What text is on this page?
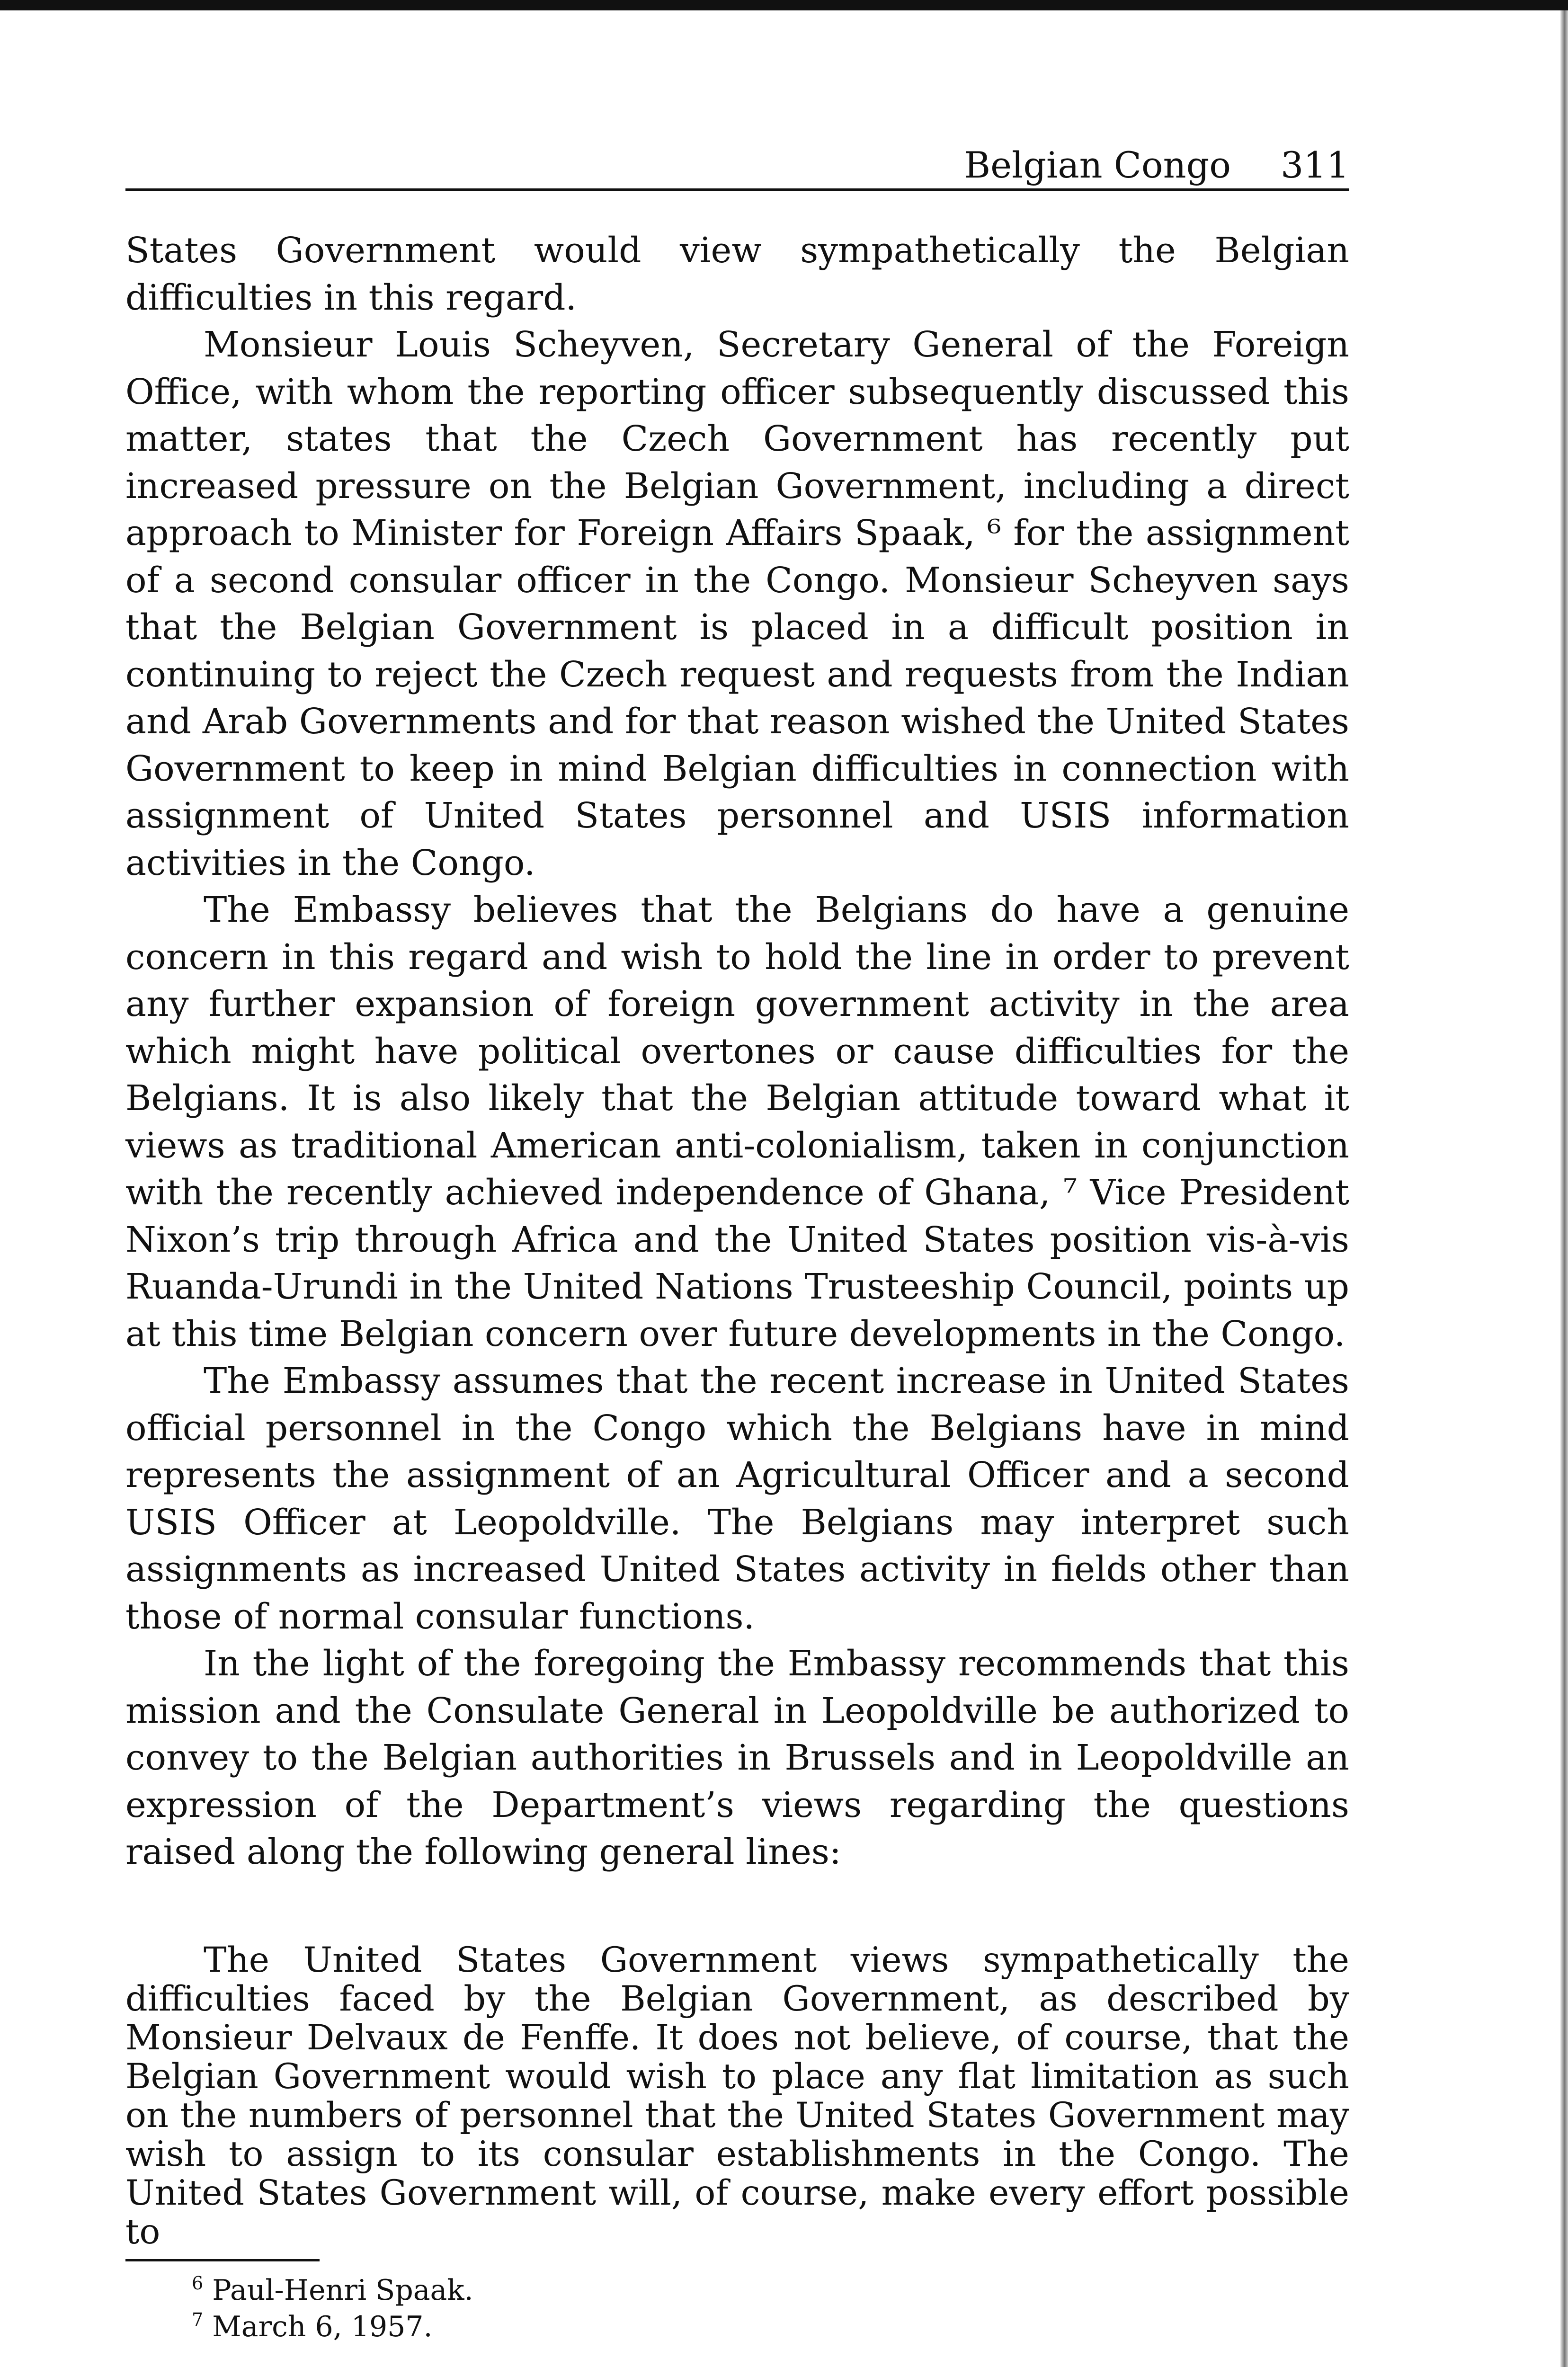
Belgian Congo 311

States Government would view sympathetically the Belgian difficulties in this regard.

Monsieur Louis Scheyven, Secretary General of the Foreign Office, with whom the reporting officer subsequently discussed this matter, states that the Czech Government has recently put increased pressure on the Belgian Government, including a direct approach to Minister for Foreign Affairs Spaak, ⁶ for the assignment of a second consular officer in the Congo. Monsieur Scheyven says that the Belgian Government is placed in a difficult position in continuing to reject the Czech request and requests from the Indian and Arab Governments and for that reason wished the United States Government to keep in mind Belgian difficulties in connection with assignment of United States personnel and USIS information activities in the Congo.

The Embassy believes that the Belgians do have a genuine concern in this regard and wish to hold the line in order to prevent any further expansion of foreign government activity in the area which might have political overtones or cause difficulties for the Belgians. It is also likely that the Belgian attitude toward what it views as traditional American anti-colonialism, taken in conjunction with the recently achieved independence of Ghana, ⁷ Vice President Nixon’s trip through Africa and the United States position vis-à-vis Ruanda-Urundi in the United Nations Trusteeship Council, points up at this time Belgian concern over future developments in the Congo.

The Embassy assumes that the recent increase in United States official personnel in the Congo which the Belgians have in mind represents the assignment of an Agricultural Officer and a second USIS Officer at Leopoldville. The Belgians may interpret such assignments as increased United States activity in fields other than those of normal consular functions.

In the light of the foregoing the Embassy recommends that this mission and the Consulate General in Leopoldville be authorized to convey to the Belgian authorities in Brussels and in Leopoldville an expression of the Department’s views regarding the questions raised along the following general lines:

The United States Government views sympathetically the difficulties faced by the Belgian Government, as described by Monsieur Delvaux de Fenffe. It does not believe, of course, that the Belgian Government would wish to place any flat limitation as such on the numbers of personnel that the United States Government may wish to assign to its consular establishments in the Congo. The United States Government will, of course, make every effort possible to

$^6$ Paul-Henri Spaak.

$^7$ March 6, 1957.
